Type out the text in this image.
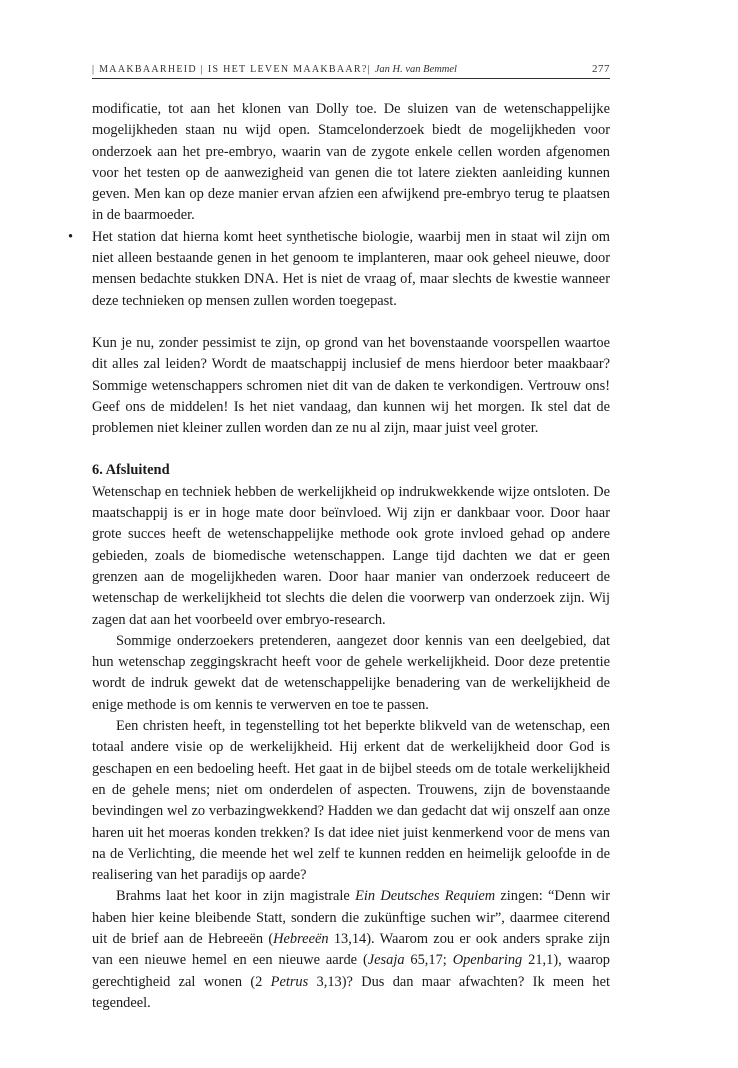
| MAAKBAARHEID | IS HET LEVEN MAAKBAAR?| Jan H. van Bemmel	277

modificatie, tot aan het klonen van Dolly toe. De sluizen van de wetenschappelijke mogelijkheden staan nu wijd open. Stamcelonderzoek biedt de mogelijkheden voor onderzoek aan het pre-embryo, waarin van de zygote enkele cellen worden afgenomen voor het testen op de aanwezigheid van genen die tot latere ziekten aanleiding kunnen geven. Men kan op deze manier ervan afzien een afwijkend pre-embryo terug te plaatsen in de baarmoeder.

• Het station dat hierna komt heet synthetische biologie, waarbij men in staat wil zijn om niet alleen bestaande genen in het genoom te implanteren, maar ook geheel nieuwe, door mensen bedachte stukken DNA. Het is niet de vraag of, maar slechts de kwestie wanneer deze technieken op mensen zullen worden toegepast.

Kun je nu, zonder pessimist te zijn, op grond van het bovenstaande voorspellen waartoe dit alles zal leiden? Wordt de maatschappij inclusief de mens hierdoor beter maakbaar? Sommige wetenschappers schromen niet dit van de daken te verkondigen. Vertrouw ons! Geef ons de middelen! Is het niet vandaag, dan kunnen wij het morgen. Ik stel dat de problemen niet kleiner zullen worden dan ze nu al zijn, maar juist veel groter.

6. Afsluitend

Wetenschap en techniek hebben de werkelijkheid op indrukwekkende wijze ontsloten. De maatschappij is er in hoge mate door beïnvloed. Wij zijn er dankbaar voor. Door haar grote succes heeft de wetenschappelijke methode ook grote invloed gehad op andere gebieden, zoals de biomedische wetenschappen. Lange tijd dachten we dat er geen grenzen aan de mogelijkheden waren. Door haar manier van onderzoek reduceert de wetenschap de werkelijkheid tot slechts die delen die voorwerp van onderzoek zijn. Wij zagen dat aan het voorbeeld over embryo-research.

Sommige onderzoekers pretenderen, aangezet door kennis van een deelgebied, dat hun wetenschap zeggingskracht heeft voor de gehele werkelijkheid. Door deze pretentie wordt de indruk gewekt dat de wetenschappelijke benadering van de werkelijkheid de enige methode is om kennis te verwerven en toe te passen.

Een christen heeft, in tegenstelling tot het beperkte blikveld van de wetenschap, een totaal andere visie op de werkelijkheid. Hij erkent dat de werkelijkheid door God is geschapen en een bedoeling heeft. Het gaat in de bijbel steeds om de totale werkelijkheid en de gehele mens; niet om onderdelen of aspecten. Trouwens, zijn de bovenstaande bevindingen wel zo verbazingwekkend? Hadden we dan gedacht dat wij onszelf aan onze haren uit het moeras konden trekken? Is dat idee niet juist kenmerkend voor de mens van na de Verlichting, die meende het wel zelf te kunnen redden en heimelijk geloofde in de realisering van het paradijs op aarde?

Brahms laat het koor in zijn magistrale Ein Deutsches Requiem zingen: “Denn wir haben hier keine bleibende Statt, sondern die zukünftige suchen wir”, daarmee citerend uit de brief aan de Hebreeën (Hebreeën 13,14). Waarom zou er ook anders sprake zijn van een nieuwe hemel en een nieuwe aarde (Jesaja 65,17; Openbaring 21,1), waarop gerechtigheid zal wonen (2 Petrus 3,13)? Dus dan maar afwachten? Ik meen het tegendeel.
